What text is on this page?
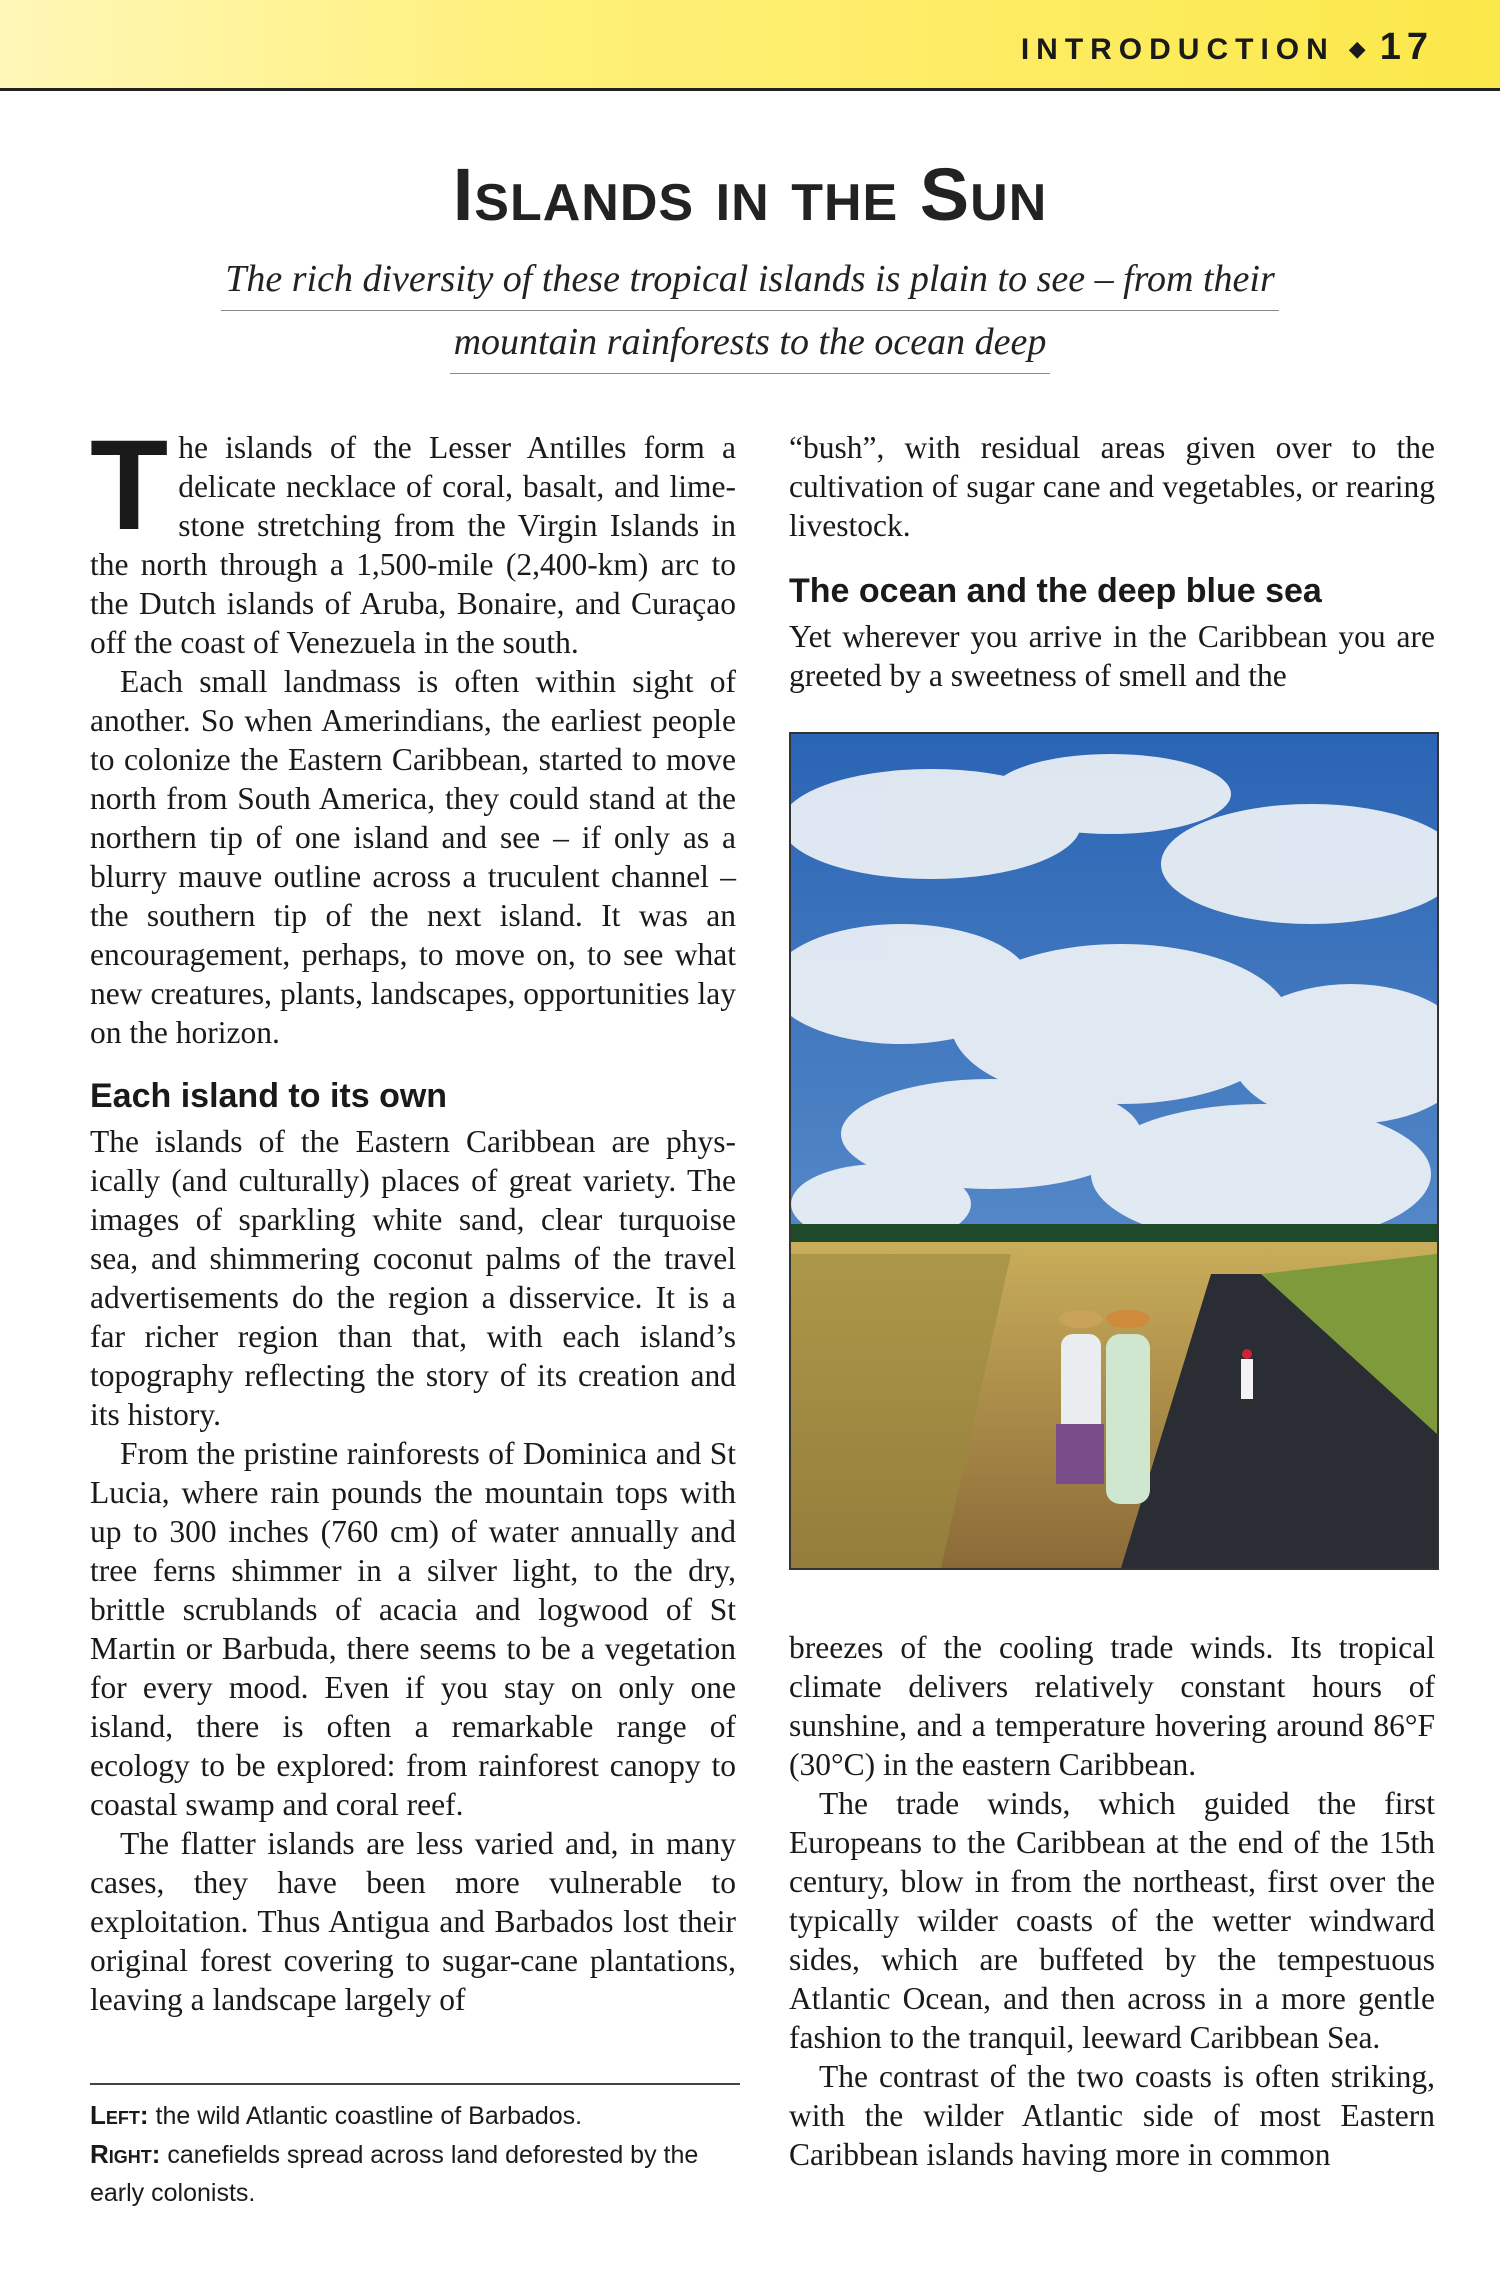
INTRODUCTION ◆ 17
Islands in the Sun
The rich diversity of these tropical islands is plain to see – from their
mountain rainforests to the ocean deep

The islands of the Lesser Antilles form a delicate necklace of coral, basalt, and limestone stretching from the Virgin Islands in the north through a 1,500-mile (2,400-km) arc to the Dutch islands of Aruba, Bonaire, and Curaçao off the coast of Venezuela in the south.

Each small landmass is often within sight of another. So when Amerindians, the earliest people to colonize the Eastern Caribbean, started to move north from South America, they could stand at the northern tip of one island and see – if only as a blurry mauve outline across a truculent channel – the southern tip of the next island. It was an encouragement, perhaps, to move on, to see what new creatures, plants, landscapes, opportunities lay on the horizon.

Each island to its own

The islands of the Eastern Caribbean are physically (and culturally) places of great variety. The images of sparkling white sand, clear turquoise sea, and shimmering coconut palms of the travel advertisements do the region a disservice. It is a far richer region than that, with each island’s topography reflecting the story of its creation and its history.

From the pristine rainforests of Dominica and St Lucia, where rain pounds the mountain tops with up to 300 inches (760 cm) of water annually and tree ferns shimmer in a silver light, to the dry, brittle scrublands of acacia and logwood of St Martin or Barbuda, there seems to be a vegetation for every mood. Even if you stay on only one island, there is often a remarkable range of ecology to be explored: from rainforest canopy to coastal swamp and coral reef.

The flatter islands are less varied and, in many cases, they have been more vulnerable to exploitation. Thus Antigua and Barbados lost their original forest covering to sugar-cane plantations, leaving a landscape largely of

“bush”, with residual areas given over to the cultivation of sugar cane and vegetables, or rearing livestock.

The ocean and the deep blue sea

Yet wherever you arrive in the Caribbean you are greeted by a sweetness of smell and the

breezes of the cooling trade winds. Its tropical climate delivers relatively constant hours of sunshine, and a temperature hovering around 86°F (30°C) in the eastern Caribbean.

The trade winds, which guided the first Europeans to the Caribbean at the end of the 15th century, blow in from the northeast, first over the typically wilder coasts of the wetter windward sides, which are buffeted by the tempestuous Atlantic Ocean, and then across in a more gentle fashion to the tranquil, leeward Caribbean Sea.

The contrast of the two coasts is often striking, with the wilder Atlantic side of most Eastern Caribbean islands having more in common

Left: the wild Atlantic coastline of Barbados.
Right: canefields spread across land deforested by the early colonists.
